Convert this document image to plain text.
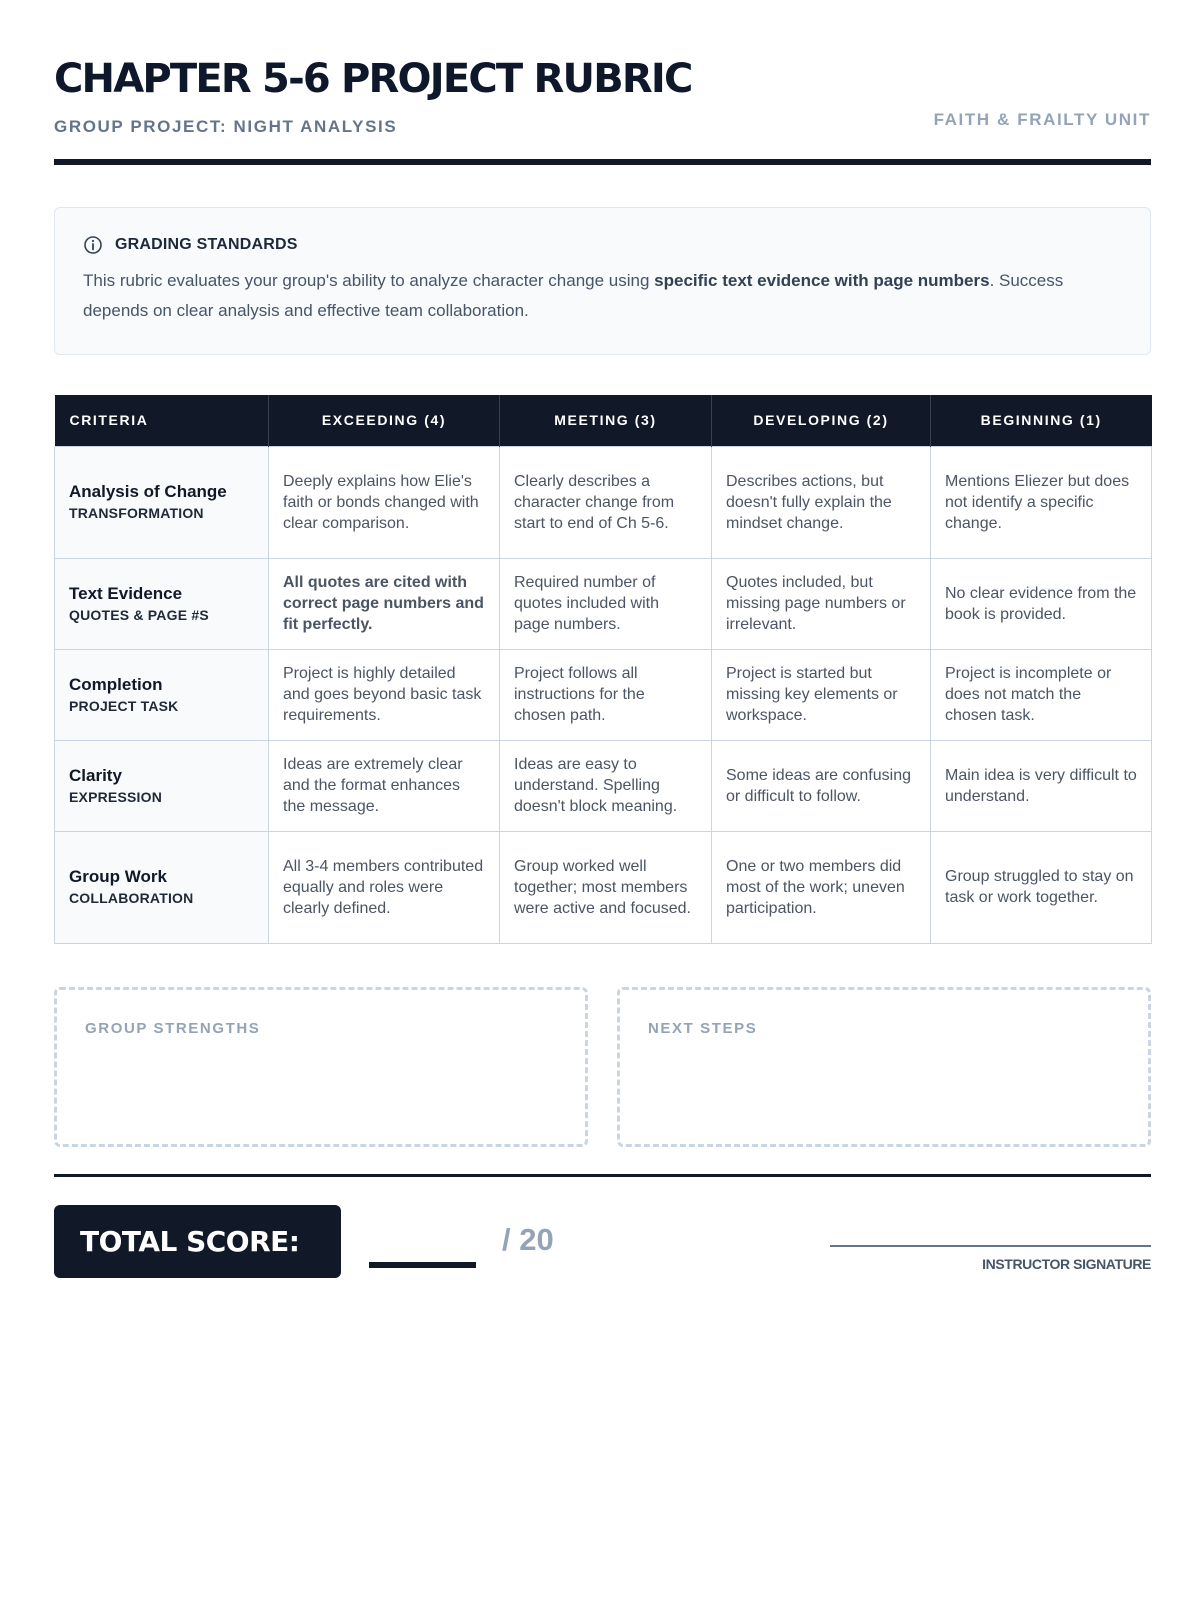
CHAPTER 5-6 PROJECT RUBRIC
GROUP PROJECT: NIGHT ANALYSIS	FAITH & FRAILTY UNIT
GRADING STANDARDS

This rubric evaluates your group's ability to analyze character change using specific text evidence with page numbers. Success depends on clear analysis and effective team collaboration.

CRITERIA	EXCEEDING (4)	MEETING (3)	DEVELOPING (2)	BEGINNING (1)

Analysis of Change
TRANSFORMATION	Deeply explains how Elie's faith or bonds changed with clear comparison.	Clearly describes a character change from start to end of Ch 5-6.	Describes actions, but doesn't fully explain the mindset change.	Mentions Eliezer but does not identify a specific change.

Text Evidence
QUOTES & PAGE #S	All quotes are cited with correct page numbers and fit perfectly.	Required number of quotes included with page numbers.	Quotes included, but missing page numbers or irrelevant.	No clear evidence from the book is provided.

Completion
PROJECT TASK	Project is highly detailed and goes beyond basic task requirements.	Project follows all instructions for the chosen path.	Project is started but missing key elements or workspace.	Project is incomplete or does not match the chosen task.

Clarity
EXPRESSION	Ideas are extremely clear and the format enhances the message.	Ideas are easy to understand. Spelling doesn't block meaning.	Some ideas are confusing or difficult to follow.	Main idea is very difficult to understand.

Group Work
COLLABORATION	All 3-4 members contributed equally and roles were clearly defined.	Group worked well together; most members were active and focused.	One or two members did most of the work; uneven participation.	Group struggled to stay on task or work together.
GROUP STRENGTHS	NEXT STEPS
TOTAL SCORE:	/ 20
INSTRUCTOR SIGNATURE
